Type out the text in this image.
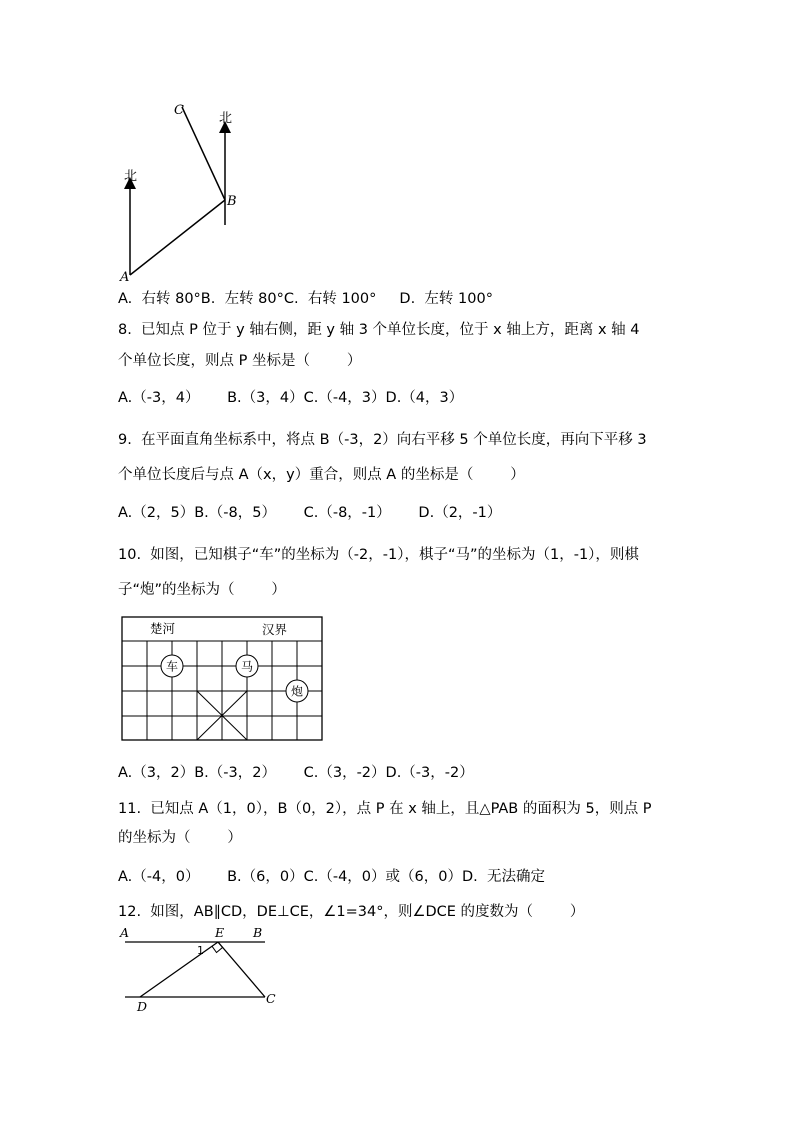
北
北
A
B
C
A.  右转 80°B.  左转 80°C.  右转 100°     D.  左转 100°
8.  已知点 P 位于 y 轴右侧，距 y 轴 3 个单位长度，位于 x 轴上方，距离 x 轴 4
个单位长度，则点 P 坐标是（        ）
A.（-3，4）      B.（3，4）C.（-4，3）D.（4，3）
9.  在平面直角坐标系中，将点 B（-3，2）向右平移 5 个单位长度，再向下平移 3
个单位长度后与点 A（x，y）重合，则点 A 的坐标是（        ）
A.（2，5）B.（-8，5）      C.（-8，-1）      D.（2，-1）
10.  如图，已知棋子“车”的坐标为（-2，-1），棋子“马”的坐标为（1，-1），则棋
子“炮”的坐标为（        ）
楚河	汉界
车	马
炮
A.（3，2）B.（-3，2）      C.（3，-2）D.（-3，-2）
11.  已知点 A（1，0），B（0，2），点 P 在 x 轴上，且△PAB 的面积为 5，则点 P
的坐标为（        ）
A.（-4，0）      B.（6，0）C.（-4，0）或（6，0）D.  无法确定
12.  如图，AB∥CD，DE⊥CE，∠1=34°，则∠DCE 的度数为（        ）
A	E B
1
D
C
